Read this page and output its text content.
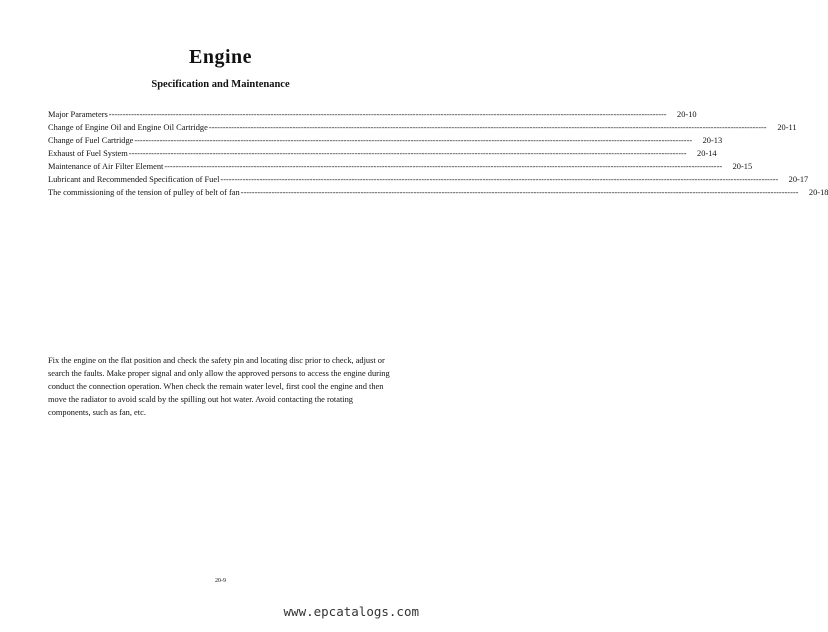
Engine
Specification and Maintenance
Major Parameters --------------------------------------------------------------------------------------------------------------------------------------------------------------------------------------------------------	20-10
Change of Engine Oil and Engine Oil Cartridge --------------------------------------------------------------------------------------------------------------------------------------------------------------------------------------------------------	20-11
Change of Fuel Cartridge --------------------------------------------------------------------------------------------------------------------------------------------------------------------------------------------------------	20-13
Exhaust of Fuel System --------------------------------------------------------------------------------------------------------------------------------------------------------------------------------------------------------	20-14
Maintenance of Air Filter Element --------------------------------------------------------------------------------------------------------------------------------------------------------------------------------------------------------	20-15
Lubricant and Recommended Specification of Fuel --------------------------------------------------------------------------------------------------------------------------------------------------------------------------------------------------------	20-17
The commissioning of the tension of pulley of belt of fan --------------------------------------------------------------------------------------------------------------------------------------------------------------------------------------------------------	20-18
Fix the engine on the flat position and check the safety pin and locating disc prior to check, adjust or search the faults. Make proper signal and only allow the approved persons to access the engine during conduct the connection operation. When check the remain water level, first cool the engine and then move the radiator to avoid scald by the spilling out hot water. Avoid contacting the rotating components, such as fan, etc.
20-9
www.epcatalogs.com
